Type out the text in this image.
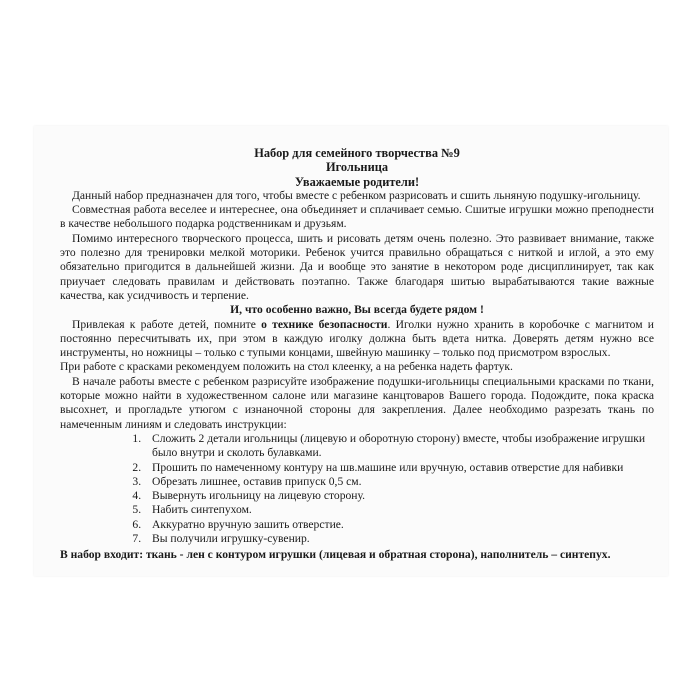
Набор для семейного творчества №9
Игольница
Уважаемые родители!

Данный набор предназначен для того, чтобы вместе с ребенком разрисовать и сшить льняную подушку-игольницу.

Совместная работа веселее и интереснее, она объединяет и сплачивает семью. Сшитые игрушки можно преподнести в качестве небольшого подарка родственникам и друзьям.

Помимо интересного творческого процесса, шить и рисовать детям очень полезно. Это развивает внимание, также это полезно для тренировки мелкой моторики. Ребенок учится правильно обращаться с ниткой и иглой, а это ему обязательно пригодится в дальнейшей жизни. Да и вообще это занятие в некотором роде дисциплинирует, так как приучает следовать правилам и действовать поэтапно. Также благодаря шитью вырабатываются такие важные качества, как усидчивость и терпение.

И, что особенно важно, Вы всегда будете рядом !

Привлекая к работе детей, помните о технике безопасности. Иголки нужно хранить в коробочке с магнитом и постоянно пересчитывать их, при этом в каждую иголку должна быть вдета нитка. Доверять детям нужно все инструменты, но ножницы – только с тупыми концами, швейную машинку – только под присмотром взрослых.

При работе с красками рекомендуем положить на стол клеенку, а на ребенка надеть фартук.

В начале работы вместе с ребенком разрисуйте изображение подушки-игольницы специальными красками по ткани, которые можно найти в художественном салоне или магазине канцтоваров Вашего города. Подождите, пока краска высохнет, и прогладьте утюгом с изнаночной стороны для закрепления. Далее необходимо разрезать ткань по намеченным линиям и следовать инструкции:

1. Сложить 2 детали игольницы (лицевую и оборотную сторону) вместе, чтобы изображение игрушки было внутри и сколоть булавками.
2. Прошить по намеченному контуру на шв.машине или вручную, оставив отверстие для набивки
3. Обрезать лишнее, оставив припуск 0,5 см.
4. Вывернуть игольницу на лицевую сторону.
5. Набить синтепухом.
6. Аккуратно вручную зашить отверстие.
7. Вы получили игрушку-сувенир.

В набор входит: ткань - лен с контуром игрушки (лицевая и обратная сторона), наполнитель – синтепух.
